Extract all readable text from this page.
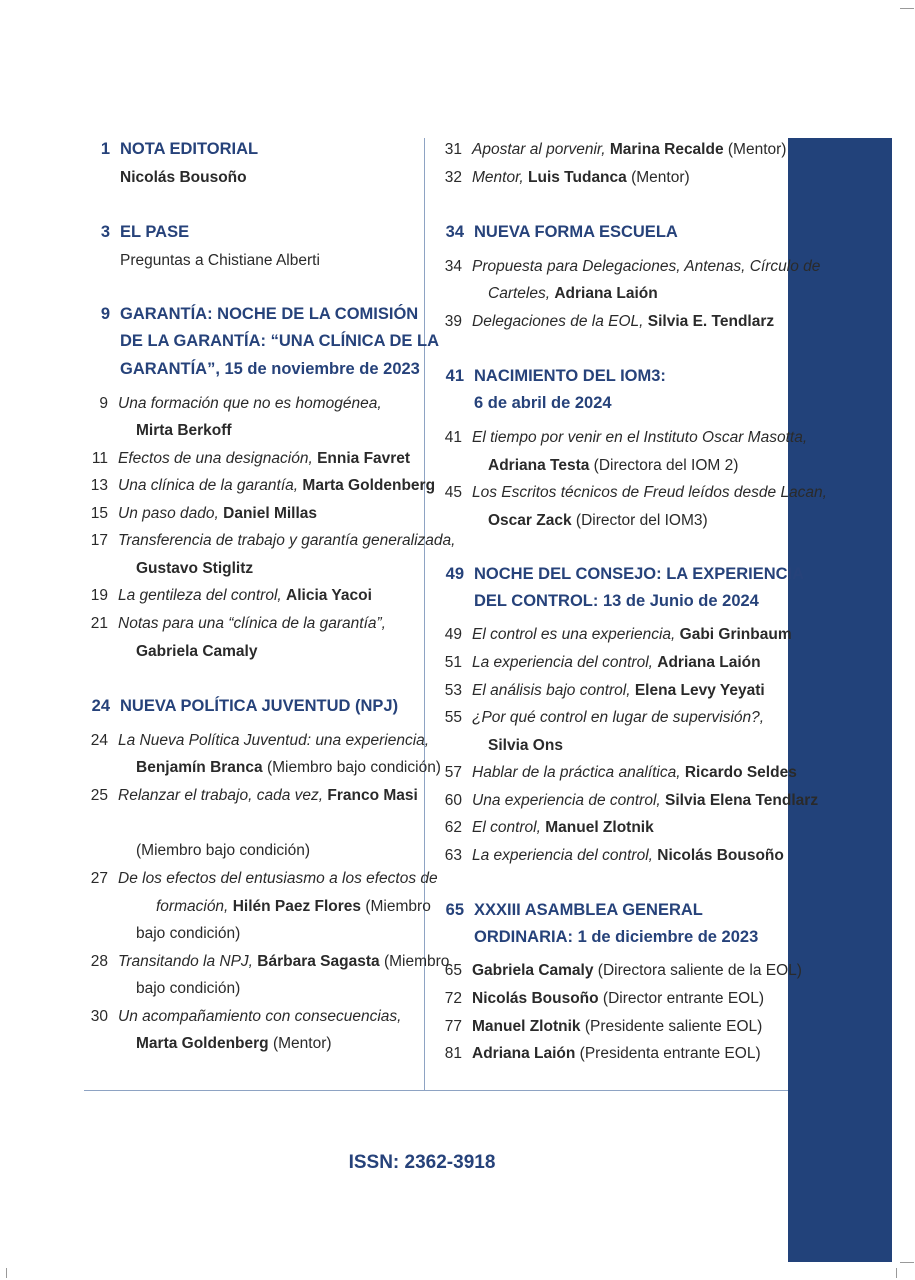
1 NOTA EDITORIAL
Nicolás Bousoño
3 EL PASE
Preguntas a Chistiane Alberti
9 GARANTÍA: NOCHE DE LA COMISIÓN
DE LA GARANTÍA: “UNA CLÍNICA DE LA
GARANTÍA”, 15 de noviembre de 2023
9 Una formación que no es homogénea,
Mirta Berkoff
11 Efectos de una designación, Ennia Favret
13 Una clínica de la garantía, Marta Goldenberg
15 Un paso dado, Daniel Millas
17 Transferencia de trabajo y garantía generalizada,
Gustavo Stiglitz
19 La gentileza del control, Alicia Yacoi
21 Notas para una “clínica de la garantía”,
Gabriela Camaly
24 NUEVA POLÍTICA JUVENTUD (NPJ)
24 La Nueva Política Juventud: una experiencia,
Benjamín Branca (Miembro bajo condición)
25 Relanzar el trabajo, cada vez, Franco Masi
(Miembro bajo condición)
27 De los efectos del entusiasmo a los efectos de
formación, Hilén Paez Flores (Miembro
bajo condición)
28 Transitando la NPJ, Bárbara Sagasta (Miembro
bajo condición)
30 Un acompañamiento con consecuencias,
Marta Goldenberg (Mentor)
31 Apostar al porvenir, Marina Recalde (Mentor)
32 Mentor, Luis Tudanca (Mentor)
34 NUEVA FORMA ESCUELA
34 Propuesta para Delegaciones, Antenas, Círculo de
Carteles, Adriana Laión
39 Delegaciones de la EOL, Silvia E. Tendlarz
41 NACIMIENTO DEL IOM3:
6 de abril de 2024
41 El tiempo por venir en el Instituto Oscar Masotta,
Adriana Testa (Directora del IOM 2)
45 Los Escritos técnicos de Freud leídos desde Lacan,
Oscar Zack (Director del IOM3)
49 NOCHE DEL CONSEJO: LA EXPERIENCIA
DEL CONTROL: 13 de Junio de 2024
49 El control es una experiencia, Gabi Grinbaum
51 La experiencia del control, Adriana Laión
53 El análisis bajo control, Elena Levy Yeyati
55 ¿Por qué control en lugar de supervisión?,
Silvia Ons
57 Hablar de la práctica analítica, Ricardo Seldes
60 Una experiencia de control, Silvia Elena Tendlarz
62 El control, Manuel Zlotnik
63 La experiencia del control, Nicolás Bousoño
65 XXXIII ASAMBLEA GENERAL
ORDINARIA: 1 de diciembre de 2023
65 Gabriela Camaly (Directora saliente de la EOL)
72 Nicolás Bousoño (Director entrante EOL)
77 Manuel Zlotnik (Presidente saliente EOL)
81 Adriana Laión (Presidenta entrante EOL)
ISSN: 2362-3918
